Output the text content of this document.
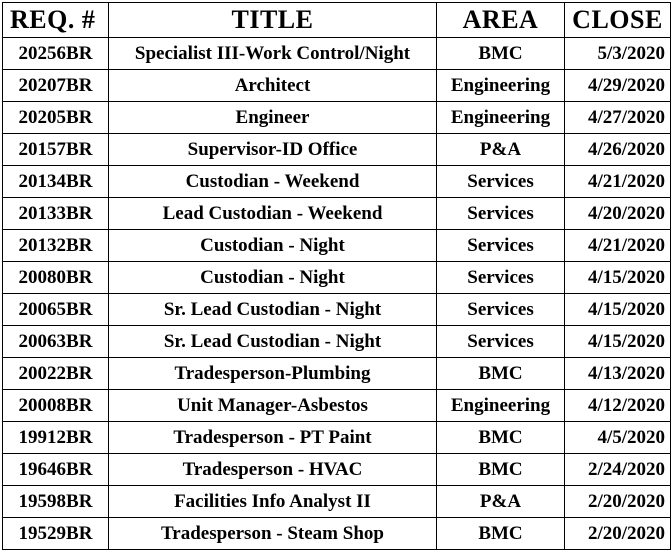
REQ. #	TITLE	AREA	CLOSE
20256BR	Specialist III-Work Control/Night	BMC	5/3/2020
20207BR	Architect	Engineering	4/29/2020
20205BR	Engineer	Engineering	4/27/2020
20157BR	Supervisor-ID Office	P&A	4/26/2020
20134BR	Custodian - Weekend	Services	4/21/2020
20133BR	Lead Custodian - Weekend	Services	4/20/2020
20132BR	Custodian - Night	Services	4/21/2020
20080BR	Custodian - Night	Services	4/15/2020
20065BR	Sr. Lead Custodian - Night	Services	4/15/2020
20063BR	Sr. Lead Custodian - Night	Services	4/15/2020
20022BR	Tradesperson-Plumbing	BMC	4/13/2020
20008BR	Unit Manager-Asbestos	Engineering	4/12/2020
19912BR	Tradesperson - PT Paint	BMC	4/5/2020
19646BR	Tradesperson - HVAC	BMC	2/24/2020
19598BR	Facilities Info Analyst II	P&A	2/20/2020
19529BR	Tradesperson - Steam Shop	BMC	2/20/2020
